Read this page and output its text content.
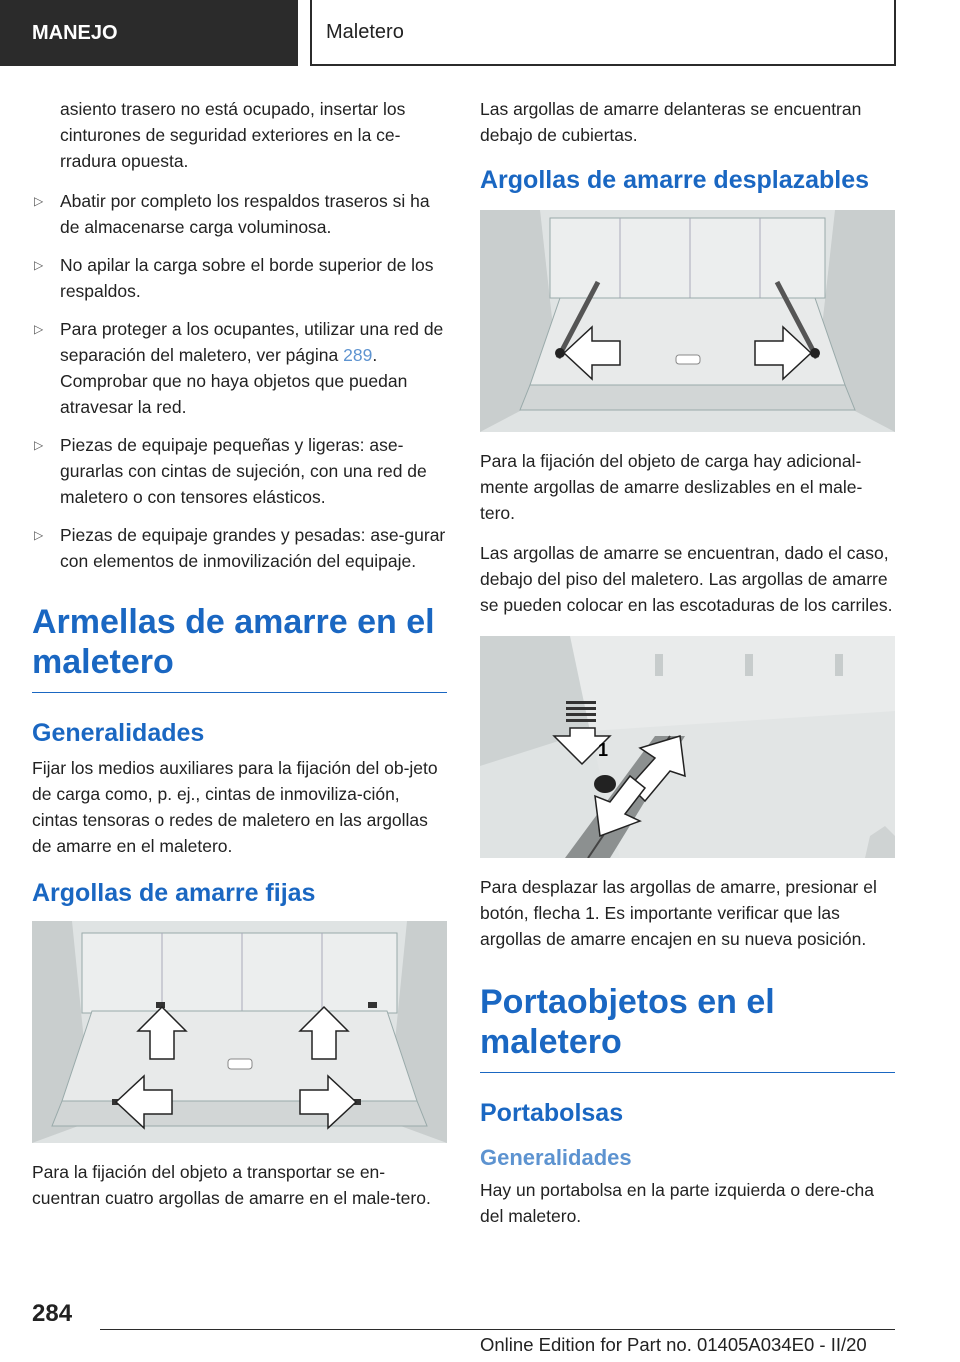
MANEJO	Maletero

asiento trasero no está ocupado, insertar los cinturones de seguridad exteriores en la ce-rradura opuesta.

▷ Abatir por completo los respaldos traseros si ha de almacenarse carga voluminosa.
▷ No apilar la carga sobre el borde superior de los respaldos.
▷ Para proteger a los ocupantes, utilizar una red de separación del maletero, ver página 289.
Comprobar que no haya objetos que puedan atravesar la red.
▷ Piezas de equipaje pequeñas y ligeras: ase-gurarlas con cintas de sujeción, con una red de maletero o con tensores elásticos.
▷ Piezas de equipaje grandes y pesadas: ase-gurar con elementos de inmovilización del equipaje.
Armellas de amarre en el maletero
Generalidades

Fijar los medios auxiliares para la fijación del ob-jeto de carga como, p. ej., cintas de inmoviliza-ción, cintas tensoras o redes de maletero en las argollas de amarre en el maletero.

Argollas de amarre fijas

Para la fijación del objeto a transportar se en-cuentran cuatro argollas de amarre en el male-tero.

Las argollas de amarre delanteras se encuentran debajo de cubiertas.

Argollas de amarre desplazables

Para la fijación del objeto de carga hay adicional-mente argollas de amarre deslizables en el male-tero.

Las argollas de amarre se encuentran, dado el caso, debajo del piso del maletero. Las argollas de amarre se pueden colocar en las escotaduras de los carriles.

1

Para desplazar las argollas de amarre, presionar el botón, flecha 1. Es importante verificar que las argollas de amarre encajen en su nueva posición.

Portaobjetos en el maletero
Portabolsas
Generalidades

Hay un portabolsa en la parte izquierda o dere-cha del maletero.

284
Online Edition for Part no. 01405A034E0 - II/20
